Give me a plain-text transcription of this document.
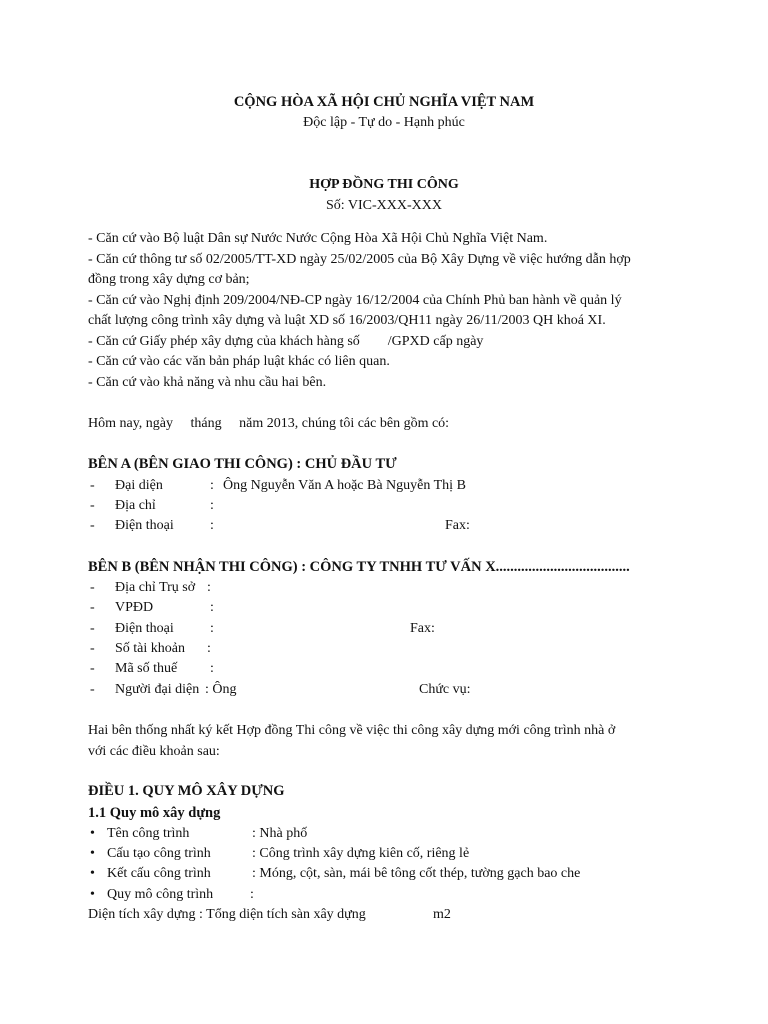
CỘNG HÒA XÃ HỘI CHỦ NGHĨA VIỆT NAM
Độc lập - Tự do - Hạnh phúc
HỢP ĐỒNG THI CÔNG
Số: VIC-XXX-XXX
- Căn cứ vào Bộ luật Dân sự Nước Nước Cộng Hòa Xã Hội Chủ Nghĩa Việt Nam.
- Căn cứ thông tư số 02/2005/TT-XD ngày 25/02/2005 của Bộ Xây Dựng về việc hướng dẫn hợp
đồng trong xây dựng cơ bản;
- Căn cứ vào Nghị định 209/2004/NĐ-CP ngày 16/12/2004 của Chính Phủ ban hành về quản lý
chất lượng công trình xây dựng và luật XD số 16/2003/QH11 ngày 26/11/2003 QH khoá XI.
- Căn cứ Giấy phép xây dựng của khách hàng số        /GPXD cấp ngày
- Căn cứ vào các văn bản pháp luật khác có liên quan.
- Căn cứ vào khả năng và nhu cầu hai bên.
Hôm nay, ngày     tháng     năm 2013, chúng tôi các bên gồm có:
BÊN A (BÊN GIAO THI CÔNG) : CHỦ ĐẦU TƯ
- Đại diện	: Ông Nguyễn Văn A hoặc Bà Nguyễn Thị B
- Địa chỉ	:
- Điện thoại	:	Fax:
BÊN B (BÊN NHẬN THI CÔNG) : CÔNG TY TNHH TƯ VẤN X.....................................
- Địa chỉ Trụ sở :
- VPĐD	:
- Điện thoại	:	Fax:
- Số tài khoản :
- Mã số thuế :
- Người đại diện : Ông	Chức vụ:
Hai bên thống nhất ký kết Hợp đồng Thi công về việc thi công xây dựng mới công trình nhà ở
với các điều khoản sau:
ĐIỀU 1. QUY MÔ XÂY DỰNG
1.1 Quy mô xây dựng
• Tên công trình	: Nhà phố
• Cấu tạo công trình	: Công trình xây dựng kiên cố, riêng lẻ
• Kết cấu công trình	: Móng, cột, sàn, mái bê tông cốt thép, tường gạch bao che
• Quy mô công trình	:
Diện tích xây dựng : Tổng diện tích sàn xây dựng	m2
